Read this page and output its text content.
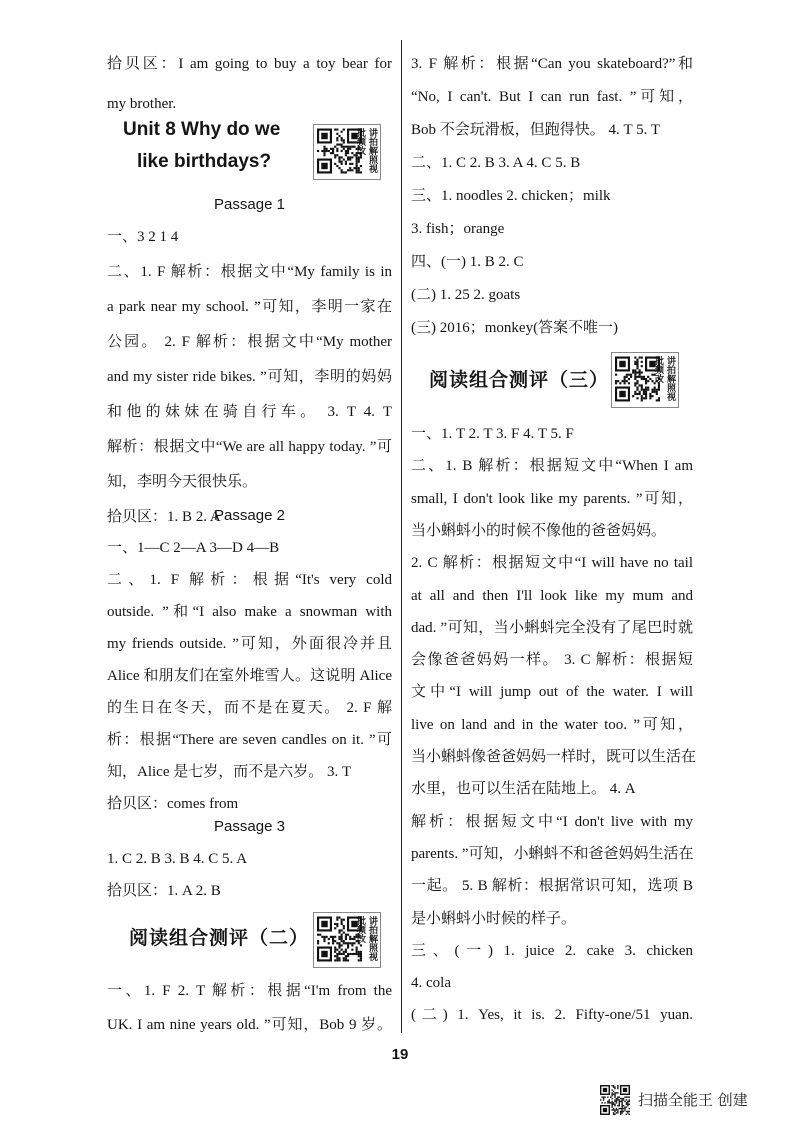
拾贝区：I am going to buy a toy bear for
my brother.
Unit 8 Why do we
like birthdays?	讲拍解照视批频改
Passage 1
一、3 2 1 4
二、1. F 解析：根据文中“My family is in
a park near my school. ”可知，李明一家在
公园。 2. F 解析：根据文中“My mother
and my sister ride bikes. ”可知，李明的妈妈
和他的妹妹在骑自行车。 3. T 4. T
解析：根据文中“We are all happy today. ”可
知，李明今天很快乐。
拾贝区：1. B 2. A
Passage 2
一、1—C 2—A 3—D 4—B
二、1. F 解析：根据“It's very cold
outside. ”和“I also make a snowman with
my friends outside. ”可知，外面很冷并且
Alice 和朋友们在室外堆雪人。这说明 Alice
的生日在冬天，而不是在夏天。 2. F 解
析：根据“There are seven candles on it. ”可
知，Alice 是七岁，而不是六岁。 3. T
拾贝区：comes from
Passage 3
1. C 2. B 3. B 4. C 5. A
拾贝区：1. A 2. B
阅读组合测评（二）	讲拍解照视批频改
一、1. F 2. T 解析：根据“I'm from the
UK. I am nine years old. ”可知，Bob 9 岁。
3. F 解析：根据“Can you skateboard?”和
“No, I can't. But I can run fast. ”可知，
Bob 不会玩滑板，但跑得快。 4. T 5. T
二、1. C 2. B 3. A 4. C 5. B
三、1. noodles 2. chicken；milk
3. fish；orange
四、(一) 1. B 2. C
(二) 1. 25 2. goats
(三) 2016；monkey(答案不唯一)
阅读组合测评（三）	讲拍解照视批频改
一、1. T 2. T 3. F 4. T 5. F
二、1. B 解析：根据短文中“When I am
small, I don't look like my parents. ”可知，
当小蝌蚪小的时候不像他的爸爸妈妈。
2. C 解析：根据短文中“I will have no tail
at all and then I'll look like my mum and
dad. ”可知，当小蝌蚪完全没有了尾巴时就
会像爸爸妈妈一样。 3. C 解析：根据短
文中“I will jump out of the water. I will
live on land and in the water too. ”可知，
当小蝌蚪像爸爸妈妈一样时，既可以生活在
水里，也可以生活在陆地上。 4. A
解析：根据短文中“I don't live with my
parents. ”可知，小蝌蚪不和爸爸妈妈生活在
一起。 5. B 解析：根据常识可知，选项 B
是小蝌蚪小时候的样子。
三、(一) 1. juice 2. cake 3. chicken
4. cola
(二) 1. Yes, it is. 2. Fifty-one/51 yuan.
19
扫描全能王 创建
